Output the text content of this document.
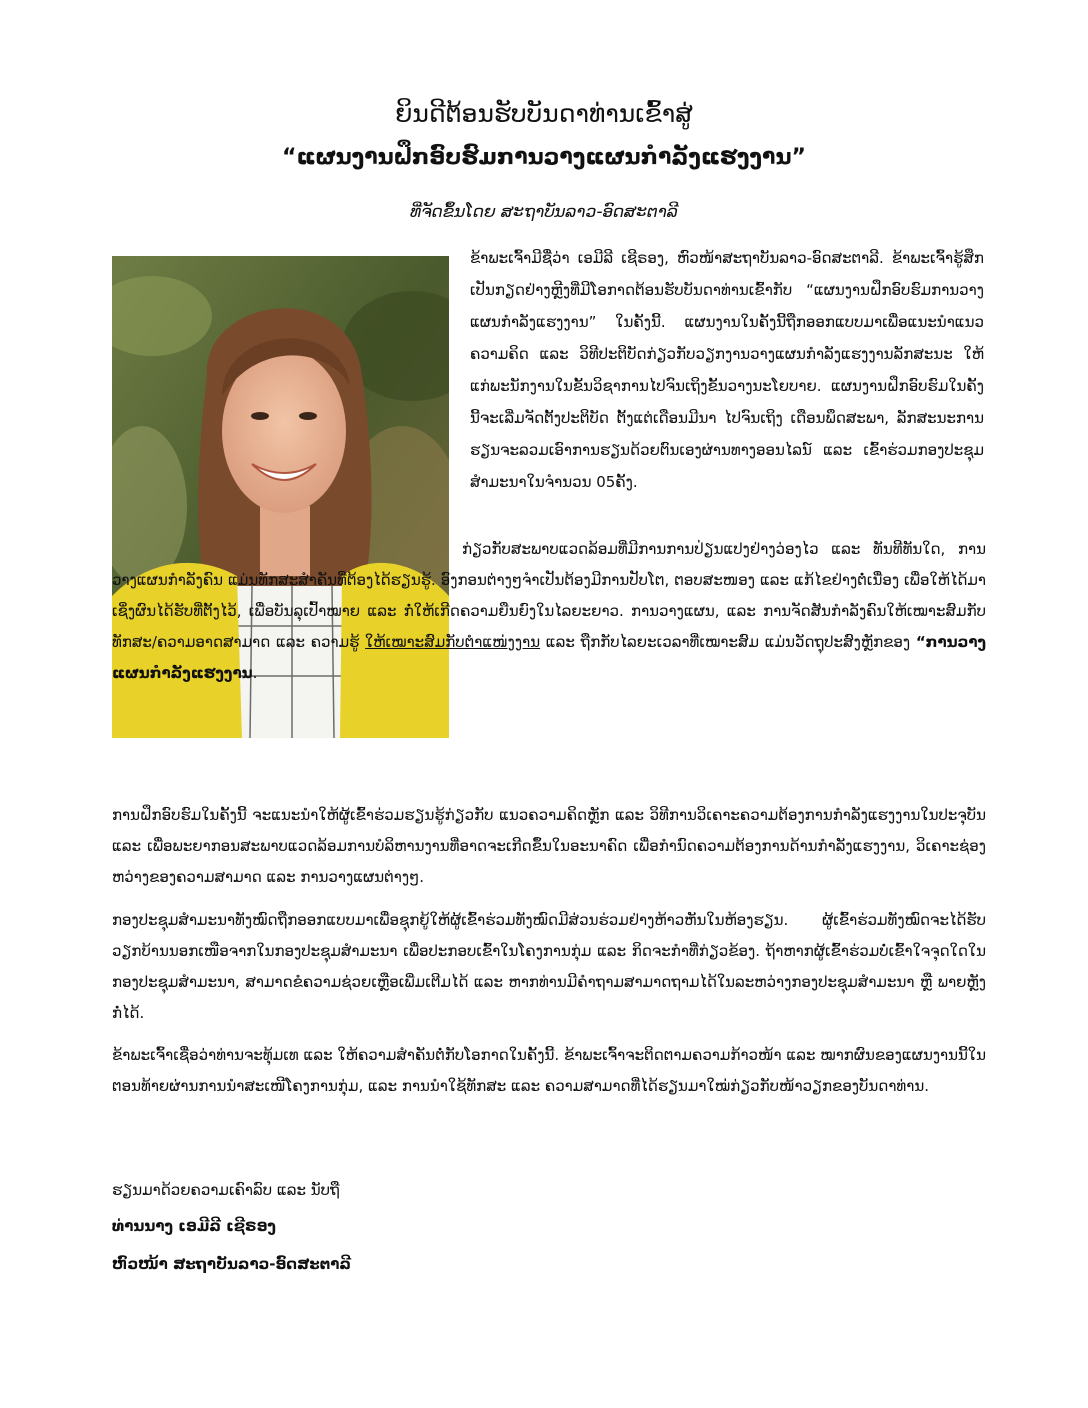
ຍິນດີຕ້ອນຮັບບັນດາທ່ານເຂົ້າສູ່
“ແຜນງານຝຶກອົບຮົມການວາງແຜນກຳລັງແຮງງານ”
ທີ່ຈັດຂຶ້ນໂດຍ ສະຖາບັນລາວ-ອົດສະຕາລີ

ຂ້າພະເຈົ້າມີຊື່ວ່າ ເອມີລີ ເຊີຣອງ, ຫົວໜ້າສະຖາບັນລາວ-ອົດສະຕາລີ. ຂ້າພະເຈົ້າຮູ້ສຶກເປັນກຽດຢ່າງຫຼີງທີ່ມີໂອກາດຕ້ອນຮັບບັນດາທ່ານເຂົ້າກັບ “ແຜນງານຝຶກອົບຮົມການວາງແຜນກຳລັງແຮງງານ” ໃນຄັ້ງນີ້. ແຜນງານໃນຄັ້ງນີ້ຖືກອອກແບບມາເພື່ອແນະນຳແນວຄວາມຄິດ ແລະ ວິທີປະຕິບັດກ່ຽວກັບວຽກງານວາງແຜນກຳລັງແຮງງານລັກສະນະ ໃຫ້ແກ່ພະນັກງານໃນຂັ້ນວິຊາການໄປຈົນເຖິງຂັ້ນວາງນະໂຍບາຍ. ແຜນງານຝຶກອົບຮົມໃນຄັ້ງນີ້ຈະເລີ່ມຈັດຕັ້ງປະຕິບັດ ຕັ້ງແຕ່ເດືອນມີນາ ໄປຈົນເຖິງ ເດືອນພຶດສະພາ, ລັກສະນະການຮຽນຈະລວມເອົາການຮຽນດ້ວຍຕົນເອງຜ່ານທາງອອນໄລນ໌ ແລະ ເຂົ້າຮ່ວມກອງປະຊຸມສຳມະນາໃນຈຳນວນ 05ຄັ້ງ.

ກ່ຽວກັບສະພາບແວດລ້ອມທີ່ມີການການປ່ຽນແປງຢ່າງວ່ອງໄວ ແລະ ທັນທີທັນໃດ, ການວາງແຜນກຳລັງຄົນ ແມ່ນທັກສະສຳຄັນທີ່ຕ້ອງໄດ້ຮຽນຮູ້. ອົງກອນຕ່າງໆຈຳເປັນຕ້ອງມີການປັບໂຕ, ຕອບສະໜອງ ແລະ ແກ້ໄຂຢ່າງຕໍ່ເນື່ອງ ເພື່ອໃຫ້ໄດ້ມາເຊິ່ງຜົນໄດ້ຮັບທີ່ຕັ້ງໄວ້, ເພື່ອບັນລຸເປົ້າໝາຍ ແລະ ກໍ່ໃຫ້ເກີດຄວາມຍືນຍົງໃນໄລຍະຍາວ. ການວາງແຜນ, ແລະ ການຈັດສັນກຳລັງຄົນໃຫ້ເໝາະສົມກັບທັກສະ/ຄວາມອາດສາມາດ ແລະ ຄວາມຮູ້ ໃຫ້ເໝາະສົມກັບຕຳແໜ່ງງານ ແລະ ຖືກກັບໄລຍະເວລາທີ່ເໝາະສົມ ແມ່ນວັດຖຸປະສົງຫຼັກຂອງ “ການວາງແຜນກຳລັງແຮງງານ.

ການຝຶກອົບຮົມໃນຄັ້ງນີ້ ຈະແນະນຳໃຫ້ຜູ້ເຂົ້າຮ່ວມຮຽນຮູ້ກ່ຽວກັບ ແນວຄວາມຄິດຫຼັກ ແລະ ວິທີການວິເຄາະຄວາມຕ້ອງການກຳລັງແຮງງານໃນປະຈຸບັນ ແລະ ເພື່ອພະຍາກອນສະພາບແວດລ້ອມການບໍລິຫານງານທີ່ອາດຈະເກີດຂຶ້ນໃນອະນາຄົດ ເພື່ອກຳນົດຄວາມຕ້ອງການດ້ານກຳລັງແຮງງານ, ວິເຄາະຊ່ອງຫວ່າງຂອງຄວາມສາມາດ ແລະ ການວາງແຜນຕ່າງໆ.

ກອງປະຊຸມສຳມະນາທັງໝົດຖືກອອກແບບມາເພື່ອຊຸກຍູ້ໃຫ້ຜູ້ເຂົ້າຮ່ວມທັງໝົດມີສ່ວນຮ່ວມຢ່າງຫ້າວຫັນໃນຫ້ອງຮຽນ. ຜູ້ເຂົ້າຮ່ວມທັງໝົດຈະໄດ້ຮັບວຽກບ້ານນອກເໜືອຈາກໃນກອງປະຊຸມສຳມະນາ ເພື່ອປະກອບເຂົ້າໃນໂຄງການກຸ່ມ ແລະ ກິດຈະກຳທີ່ກ່ຽວຂ້ອງ. ຖ້າຫາກຜູ້ເຂົ້າຮ່ວມບໍ່ເຂົ້າໃຈຈຸດໃດໃນກອງປະຊຸມສຳມະນາ, ສາມາດຂໍຄວາມຊ່ວຍເຫຼືອເພີ່ມເຕີມໄດ້ ແລະ ຫາກທ່ານມີຄຳຖາມສາມາດຖາມໄດ້ໃນລະຫວ່າງກອງປະຊຸມສຳມະນາ ຫຼື ພາຍຫຼັງກໍ່ໄດ້.

ຂ້າພະເຈົ້າເຊື່ອວ່າທ່ານຈະທຸ້ມເທ ແລະ ໃຫ້ຄວາມສຳຄັນຕໍ່ກັບໂອກາດໃນຄັ້ງນີ້. ຂ້າພະເຈົ້າຈະຕິດຕາມຄວາມກ້າວໜ້າ ແລະ ໝາກຜົນຂອງແຜນງານນີ້ໃນຕອນທ້າຍຜ່ານການນຳສະເໜີໂຄງການກຸ່ມ, ແລະ ການນຳໃຊ້ທັກສະ ແລະ ຄວາມສາມາດທີ່ໄດ້ຮຽນມາໃໝ່ກ່ຽວກັບໜ້າວຽກຂອງບັນດາທ່ານ.

ຮຽນມາດ້ວຍຄວາມເຄົາລົບ ແລະ ນັບຖື
ທ່ານນາງ ເອມີລີ ເຊີຣອງ
ຫົວໜ້າ ສະຖາບັນລາວ-ອົດສະຕາລີ
